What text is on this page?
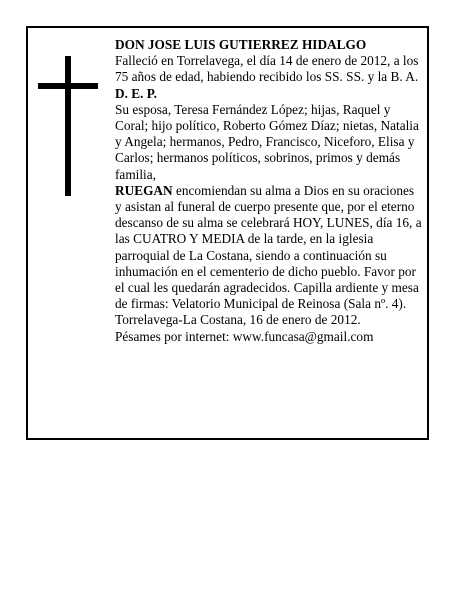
DON JOSE LUIS GUTIERREZ HIDALGO

Falleció en Torrelavega, el día 14 de enero de 2012, a los 75 años de edad, habiendo recibido los SS. SS. y la B. A.

D. E. P.

Su esposa, Teresa Fernández López; hijas, Raquel y Coral; hijo político, Roberto Gómez Díaz; nietas, Natalia y Angela; hermanos, Pedro, Francisco, Niceforo, Elisa y Carlos; hermanos políticos, sobrinos, primos y demás familia,

RUEGAN encomiendan su alma a Dios en su oraciones y asistan al funeral de cuerpo presente que, por el eterno descanso de su alma se celebrará HOY, LUNES, día 16, a las CUATRO Y MEDIA de la tarde, en la iglesia parroquial de La Costana, siendo a continuación su inhumación en el cementerio de dicho pueblo. Favor por el cual les quedarán agradecidos. Capilla ardiente y mesa de firmas: Velatorio Municipal de Reinosa (Sala nº. 4).

Torrelavega-La Costana, 16 de enero de 2012.

Pésames por internet: www.funcasa@gmail.com
